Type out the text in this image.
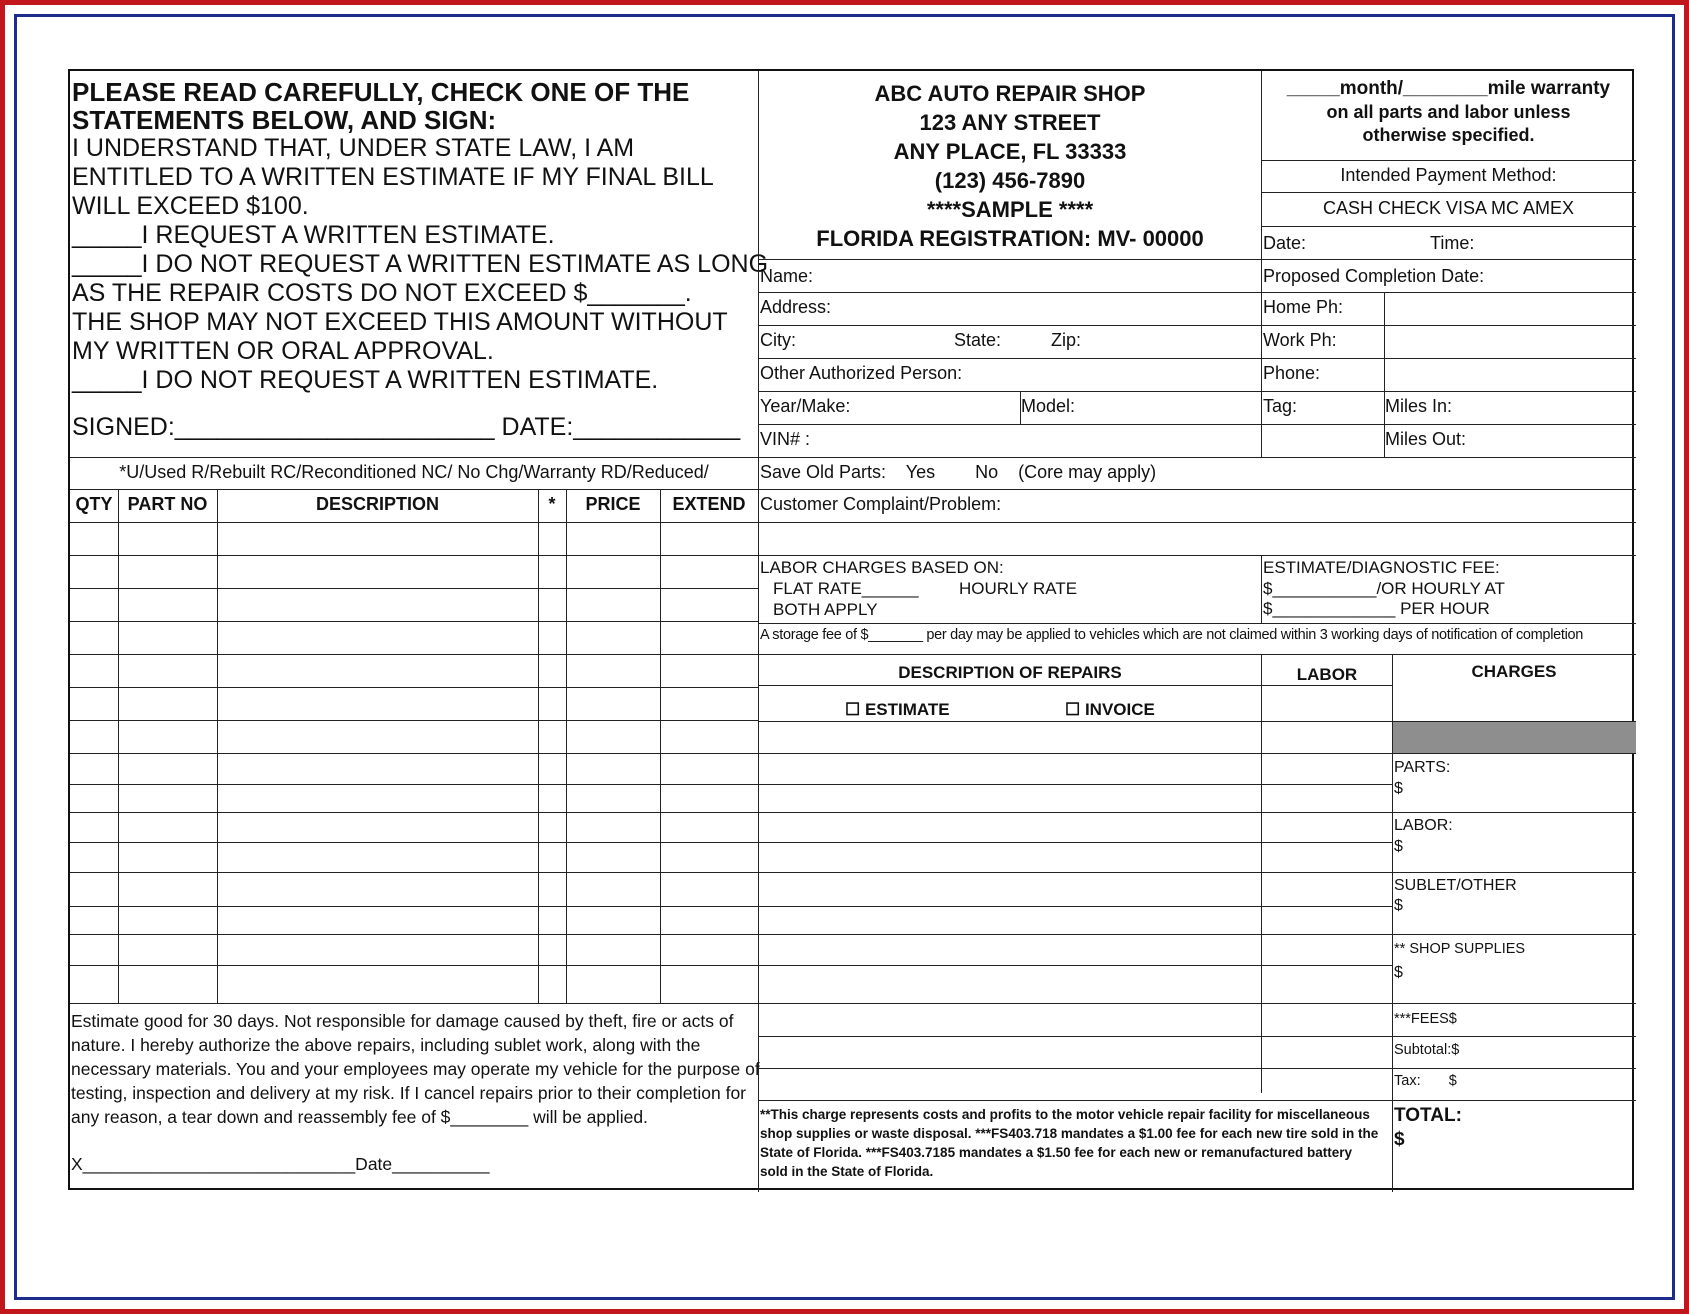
PLEASE READ CAREFULLY, CHECK ONE OF THE
STATEMENTS BELOW, AND SIGN:
I UNDERSTAND THAT, UNDER STATE LAW, I AM
ENTITLED TO A WRITTEN ESTIMATE IF MY FINAL BILL
WILL EXCEED $100.
_____I REQUEST A WRITTEN ESTIMATE.
_____I DO NOT REQUEST A WRITTEN ESTIMATE AS LONG
AS THE REPAIR COSTS DO NOT EXCEED $_______.
THE SHOP MAY NOT EXCEED THIS AMOUNT WITHOUT
MY WRITTEN OR ORAL APPROVAL.
_____I DO NOT REQUEST A WRITTEN ESTIMATE.
SIGNED:_______________________ DATE:____________
ABC AUTO REPAIR SHOP
123 ANY STREET
ANY PLACE, FL 33333
(123) 456-7890
****SAMPLE ****
FLORIDA REGISTRATION: MV- 00000
_____month/________mile warranty
on all parts and labor unless
otherwise specified.
Intended Payment Method:
CASH CHECK VISA MC AMEX
Date:	Time:
Name:	Proposed Completion Date:
Address:	Home Ph:
City:	State:	Zip:	Work Ph:
Other Authorized Person:	Phone:
Year/Make:	Model:	Tag:	Miles In:
VIN# :	Miles Out:
Save Old Parts:    Yes        No    (Core may apply)
Customer Complaint/Problem:
*U/Used R/Rebuilt RC/Reconditioned NC/ No Chg/Warranty RD/Reduced/
QTY PART NO	DESCRIPTION	*	PRICE	EXTEND
LABOR CHARGES BASED ON:
FLAT RATE______ HOURLY RATE
BOTH APPLY
ESTIMATE/DIAGNOSTIC FEE:
$___________/OR HOURLY AT
$_____________ PER HOUR
A storage fee of $_______ per day may be applied to vehicles which are not claimed within 3 working days of notification of completion
DESCRIPTION OF REPAIRS
☐ ESTIMATE	☐ INVOICE
LABOR	CHARGES
PARTS:
$
LABOR:
$
SUBLET/OTHER
$
** SHOP SUPPLIES
$
***FEES$
Subtotal:$
Tax:       $
TOTAL:
$
Estimate good for 30 days. Not responsible for damage caused by theft, fire or acts of
nature. I hereby authorize the above repairs, including sublet work, along with the
necessary materials. You and your employees may operate my vehicle for the purpose of
testing, inspection and delivery at my risk. If I cancel repairs prior to their completion for
any reason, a tear down and reassembly fee of $________ will be applied.
X____________________________Date__________
**This charge represents costs and profits to the motor vehicle repair facility for miscellaneous
shop supplies or waste disposal. ***FS403.718 mandates a $1.00 fee for each new tire sold in the
State of Florida. ***FS403.7185 mandates a $1.50 fee for each new or remanufactured battery
sold in the State of Florida.
